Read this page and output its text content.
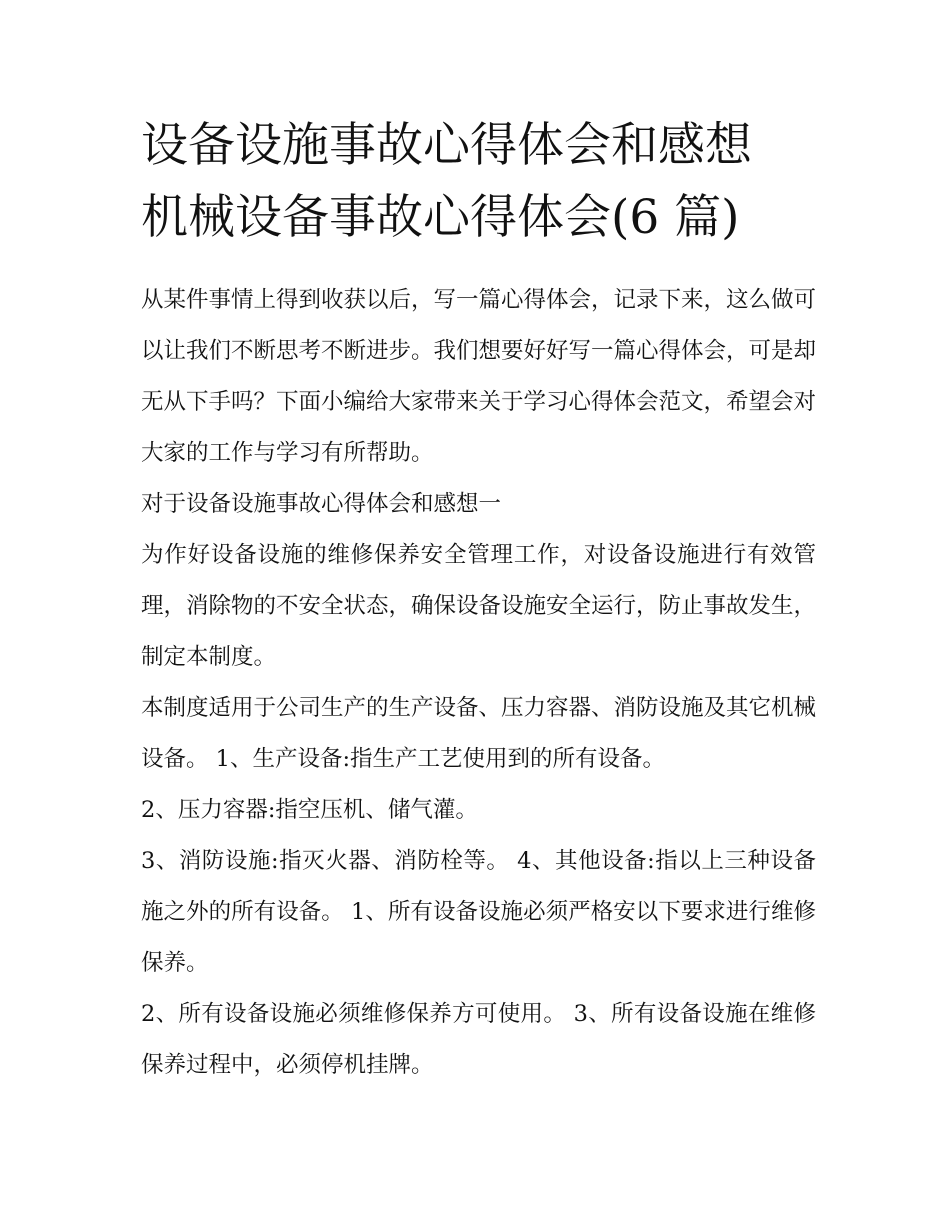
设备设施事故心得体会和感想
机械设备事故心得体会(6 篇)

从某件事情上得到收获以后，写一篇心得体会，记录下来，这么做可以让我们不断思考不断进步。我们想要好好写一篇心得体会，可是却无从下手吗？下面小编给大家带来关于学习心得体会范文，希望会对大家的工作与学习有所帮助。

对于设备设施事故心得体会和感想一

为作好设备设施的维修保养安全管理工作，对设备设施进行有效管理，消除物的不安全状态，确保设备设施安全运行，防止事故发生，制定本制度。

本制度适用于公司生产的生产设备、压力容器、消防设施及其它机械设备。 1、生产设备:指生产工艺使用到的所有设备。

2、压力容器:指空压机、储气灌。

3、消防设施:指灭火器、消防栓等。 4、其他设备:指以上三种设备施之外的所有设备。 1、所有设备设施必须严格安以下要求进行维修保养。

2、所有设备设施必须维修保养方可使用。 3、所有设备设施在维修保养过程中，必须停机挂牌。
